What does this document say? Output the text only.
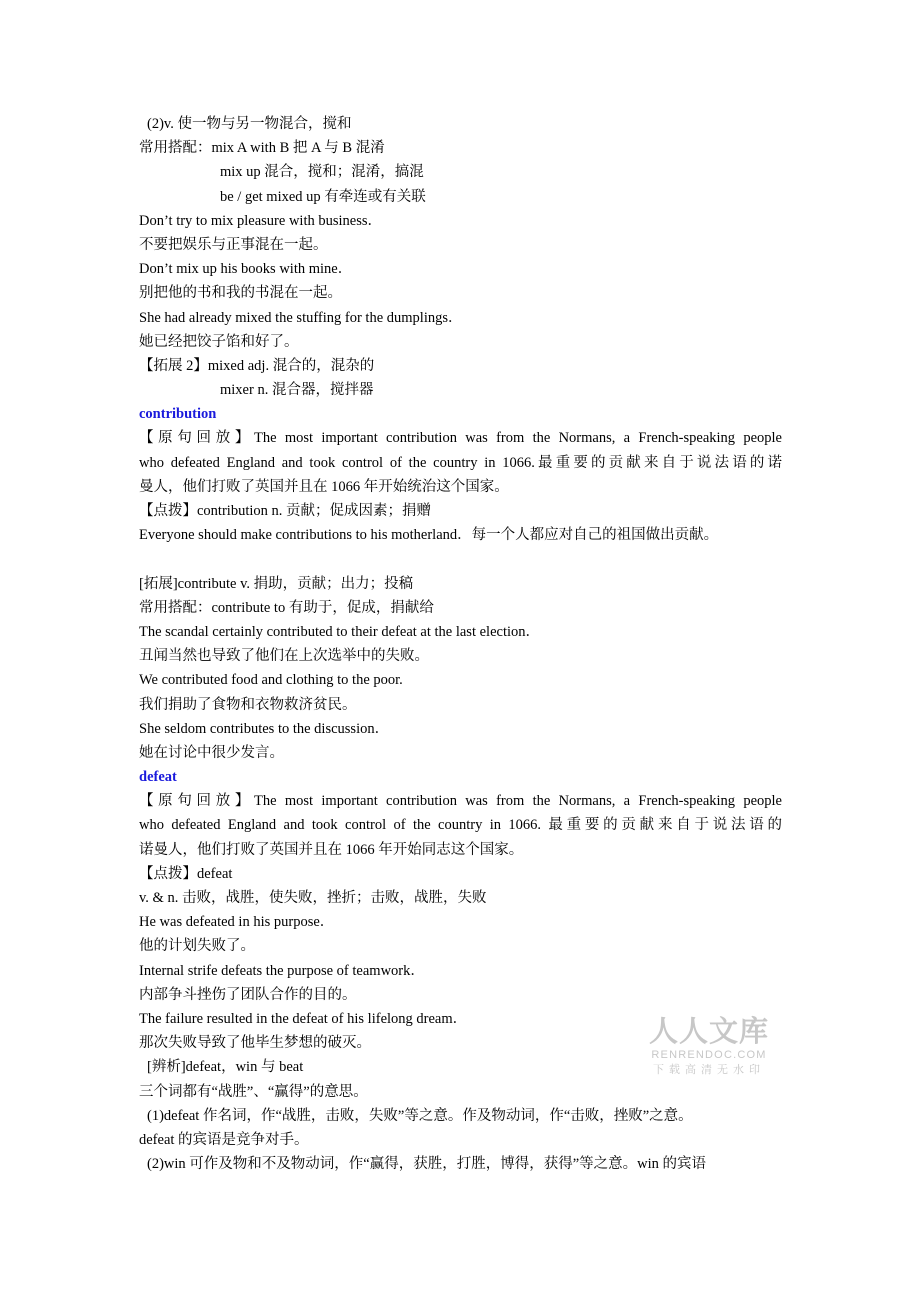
(2)v. 使一物与另一物混合，搅和
常用搭配：mix A with B 把 A 与 B 混淆
mix up 混合，搅和；混淆，搞混
be / get mixed up 有牵连或有关联
Don’t try to mix pleasure with business．
不要把娱乐与正事混在一起。
Don’t mix up his books with mine．
别把他的书和我的书混在一起。
She had already mixed the stuffing for the dumplings．
她已经把饺子馅和好了。
【拓展 2】mixed adj. 混合的，混杂的
mixer n. 混合器，搅拌器
contribution
【原句回放】The most important contribution was from the Normans, a French-speaking people
who defeated England and took control of the country in 1066.最重要的贡献来自于说法语的诺
曼人，他们打败了英国并且在 1066 年开始统治这个国家。
【点拨】contribution n. 贡献；促成因素；捐赠
Everyone should make contributions to his motherland．每一个人都应对自己的祖国做出贡献。
[拓展]contribute v. 捐助，贡献；出力；投稿
常用搭配：contribute to 有助于，促成，捐献给
The scandal certainly contributed to their defeat at the last election．
丑闻当然也导致了他们在上次选举中的失败。
We contributed food and clothing to the poor.
我们捐助了食物和衣物救济贫民。
She seldom contributes to the discussion．
她在讨论中很少发言。
defeat
【原句回放】The most important contribution was from the Normans, a French-speaking people
who defeated England and took control of the country in 1066. 最重要的贡献来自于说法语的
诺曼人，他们打败了英国并且在 1066 年开始同志这个国家。
【点拨】defeat
v. & n. 击败，战胜，使失败，挫折；击败，战胜，失败
He was defeated in his purpose．
他的计划失败了。
Internal strife defeats the purpose of teamwork．
内部争斗挫伤了团队合作的目的。
The failure resulted in the defeat of his lifelong dream．
那次失败导致了他毕生梦想的破灭。
[辨析]defeat，win 与 beat
三个词都有“战胜”、“赢得”的意思。
(1)defeat 作名词，作“战胜，击败，失败”等之意。作及物动词，作“击败，挫败”之意。
defeat 的宾语是竞争对手。
(2)win 可作及物和不及物动词，作“赢得，获胜，打胜，博得，获得”等之意。win 的宾语
人人文库
RENRENDOC.COM
下载高清无水印
